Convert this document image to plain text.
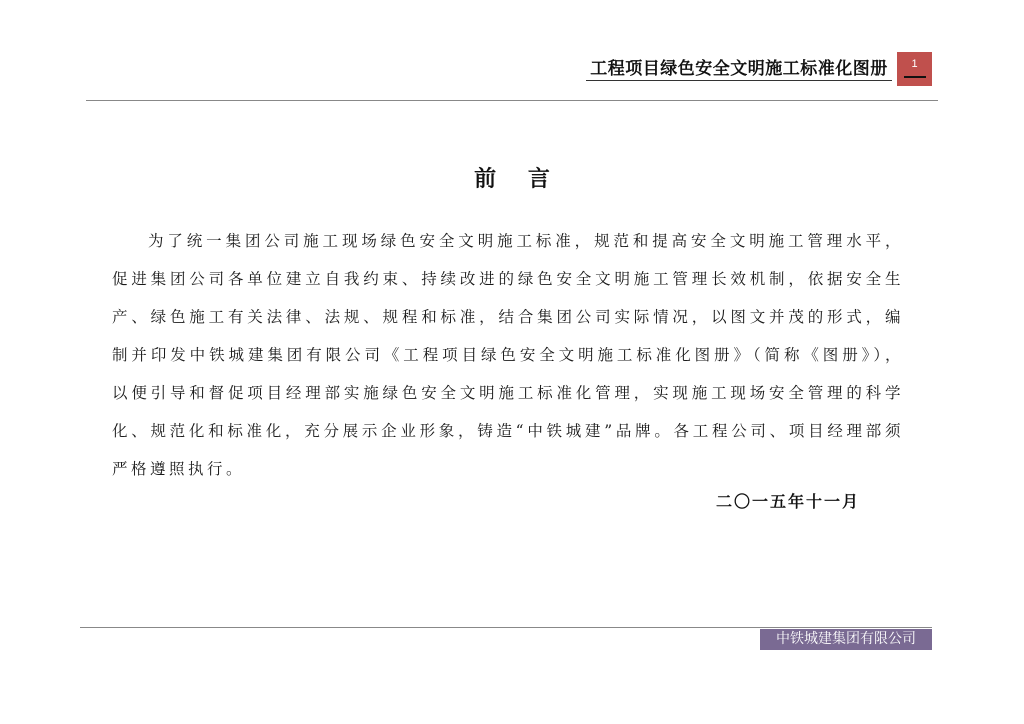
工程项目绿色安全文明施工标准化图册	1
前 言

为了统一集团公司施工现场绿色安全文明施工标准，规范和提高安全文明施工管理水平，促进集团公司各单位建立自我约束、持续改进的绿色安全文明施工管理长效机制，依据安全生产、绿色施工有关法律、法规、规程和标准，结合集团公司实际情况，以图文并茂的形式，编制并印发中铁城建集团有限公司《工程项目绿色安全文明施工标准化图册》（简称《图册》），以便引导和督促项目经理部实施绿色安全文明施工标准化管理，实现施工现场安全管理的科学化、规范化和标准化，充分展示企业形象，铸造“中铁城建”品牌。各工程公司、项目经理部须严格遵照执行。

二〇一五年十一月
中铁城建集团有限公司
